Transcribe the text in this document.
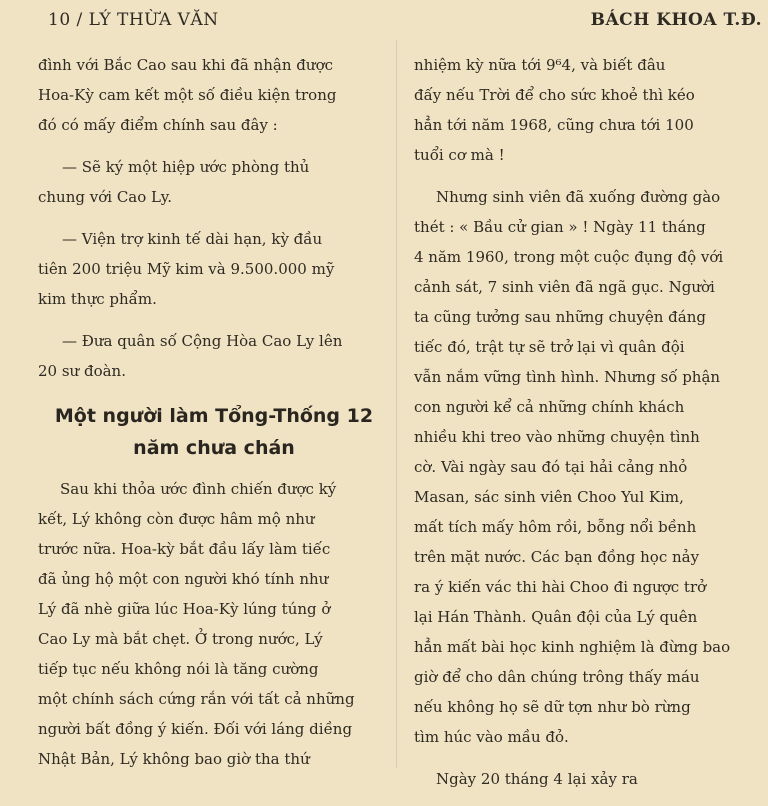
10 / LÝ THỪA VĂN	BÁCH KHOA T.Đ.

đình với Bắc Cao sau khi đã nhận được
Hoa-Kỳ cam kết một số điều kiện trong
đó có mấy điểm chính sau đây :

— Sẽ ký một hiệp ước phòng thủ
chung với Cao Ly.

— Viện trợ kinh tế dài hạn, kỳ đầu
tiên 200 triệu Mỹ kim và 9.500.000 mỹ
kim thực phẩm.

— Đưa quân số Cộng Hòa Cao Ly lên
20 sư đoàn.

Một người làm Tổng-Thống 12
năm chưa chán

Sau khi thỏa ước đình chiến được ký
kết, Lý không còn được hâm mộ như
trước nữa. Hoa-kỳ bắt đầu lấy làm tiếc
đã ủng hộ một con người khó tính như
Lý đã nhè giữa lúc Hoa-Kỳ lúng túng ở
Cao Ly mà bắt chẹt. Ở trong nước, Lý
tiếp tục nếu không nói là tăng cường
một chính sách cứng rắn với tất cả những
người bất đồng ý kiến. Đối với láng diềng
Nhật Bản, Lý không bao giờ tha thứ

nhiệm kỳ nữa tới 9⁶4, và biết đâu
đấy nếu Trời để cho sức khoẻ thì kéo
hẳn tới năm 1968, cũng chưa tới 100
tuổi cơ mà !

Nhưng sinh viên đã xuống đường gào
thét : « Bầu cử gian » ! Ngày 11 tháng
4 năm 1960, trong một cuộc đụng độ với
cảnh sát, 7 sinh viên đã ngã gục. Người
ta cũng tưởng sau những chuyện đáng
tiếc đó, trật tự sẽ trở lại vì quân đội
vẫn nắm vững tình hình. Nhưng số phận
con người kể cả những chính khách
nhiều khi treo vào những chuyện tình
cờ. Vài ngày sau đó tại hải cảng nhỏ
Masan, sác sinh viên Choo Yul Kim,
mất tích mấy hôm rồi, bỗng nổi bềnh
trên mặt nước. Các bạn đồng học nảy
ra ý kiến vác thi hài Choo đi ngược trở
lại Hán Thành. Quân đội của Lý quên
hẳn mất bài học kinh nghiệm là đừng bao
giờ để cho dân chúng trông thấy máu
nếu không họ sẽ dữ tợn như bò rừng
tìm húc vào mầu đỏ.

Ngày 20 tháng 4 lại xảy ra
